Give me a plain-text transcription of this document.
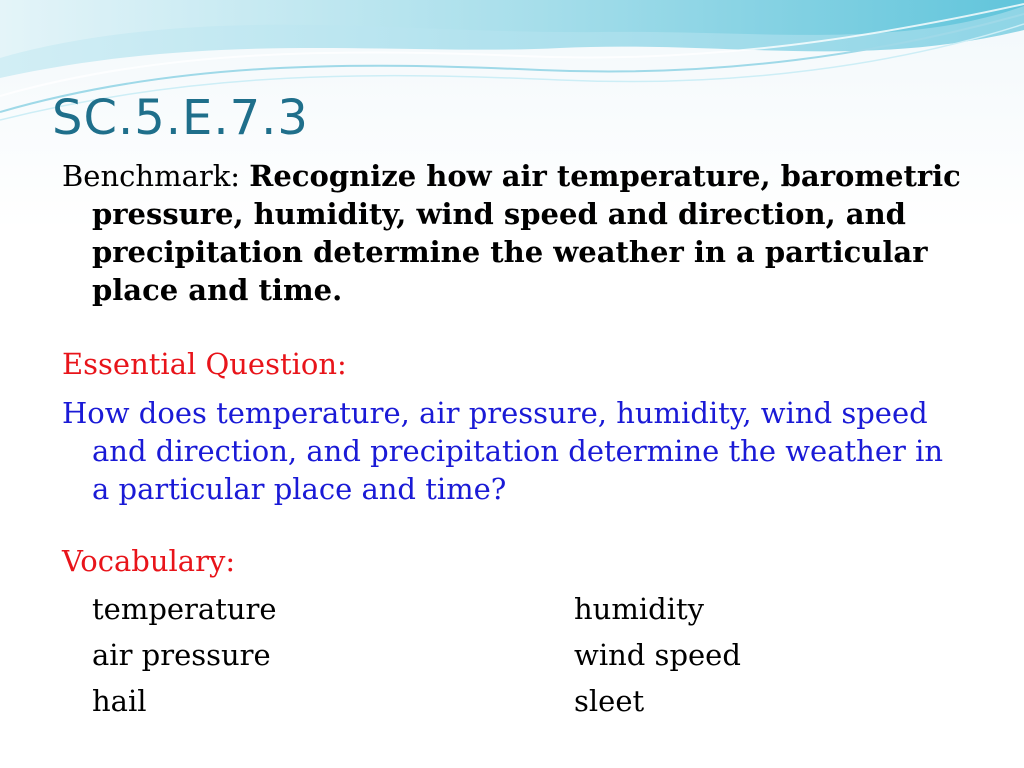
SC.5.E.7.3

Benchmark: Recognize how air temperature, barometric pressure, humidity, wind speed and direction, and precipitation determine the weather in a particular place and time.

Essential Question:

How does temperature, air pressure, humidity, wind speed and direction, and precipitation determine the weather in a particular place and time?

Vocabulary:

temperature	humidity
air pressure	wind speed
hail	sleet
